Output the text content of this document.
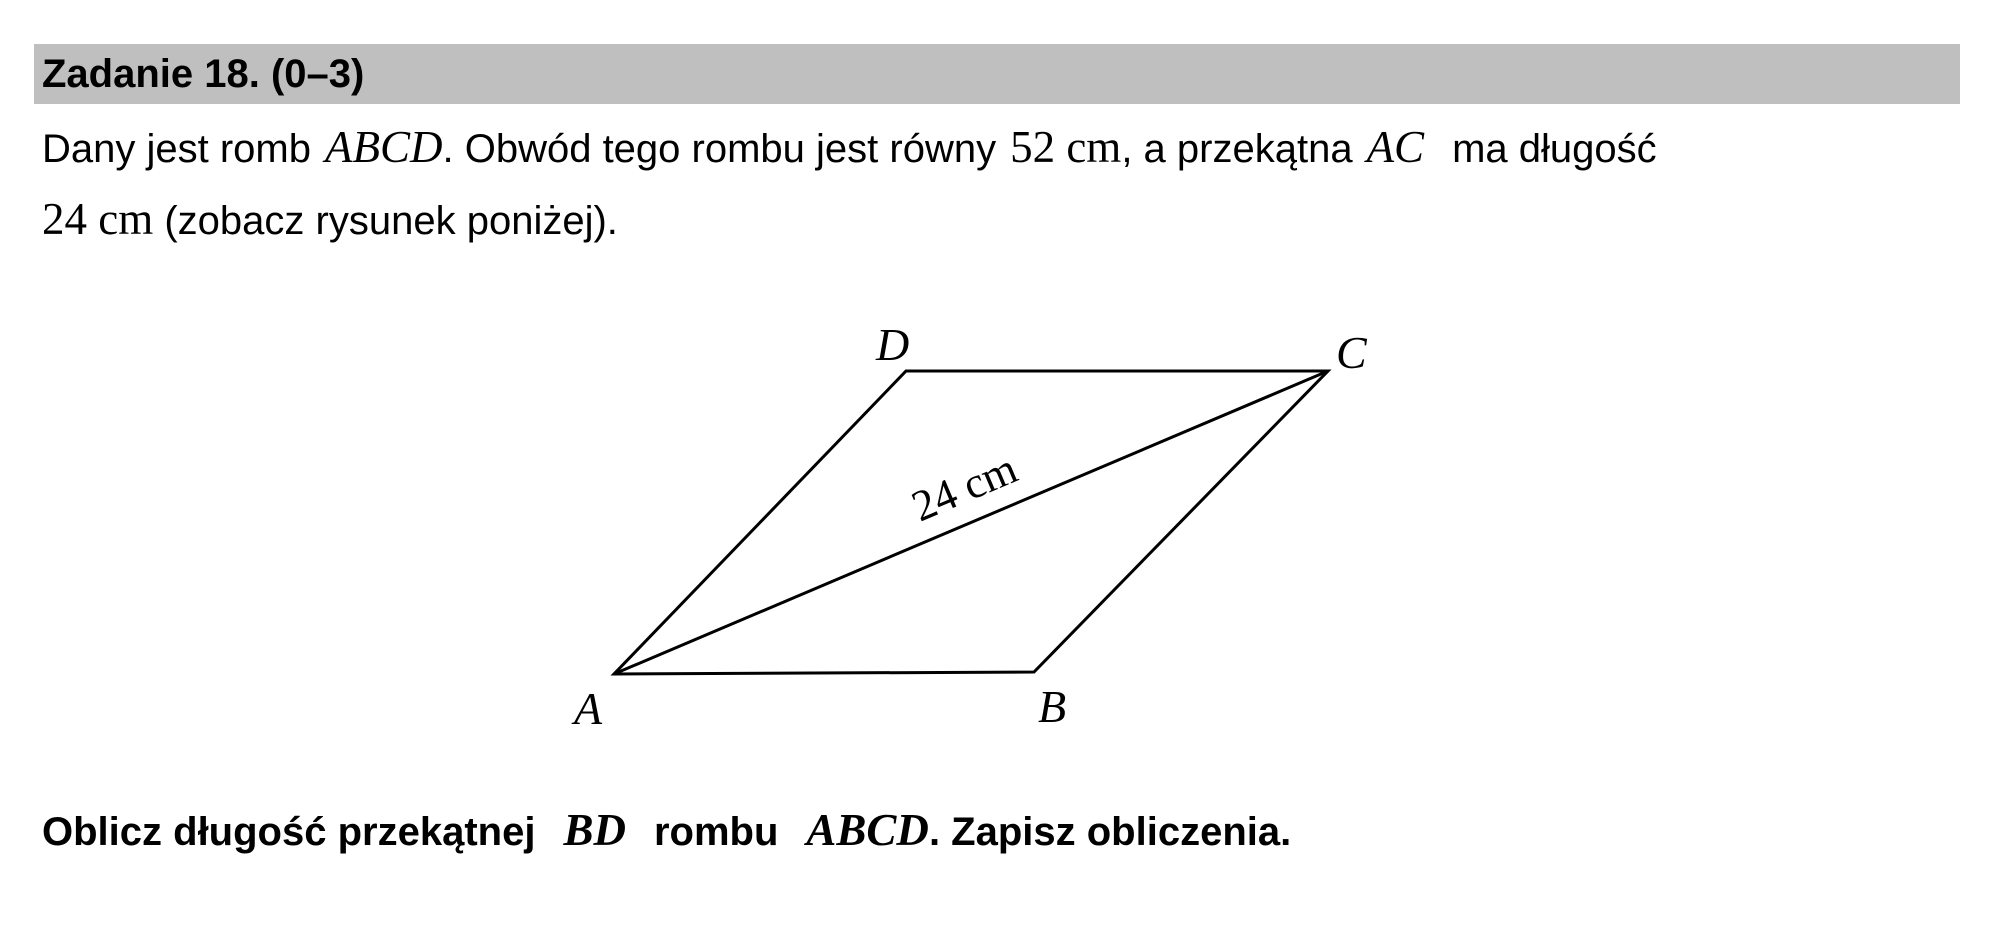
Zadanie 18. (0–3)
Dany jest romb ABCD. Obwód tego rombu jest równy 52 cm, a przekątna AC ma długość
24 cm (zobacz rysunek poniżej).
A	B
C
D
24 cm
Oblicz długość przekątnej BD rombu ABCD. Zapisz obliczenia.
